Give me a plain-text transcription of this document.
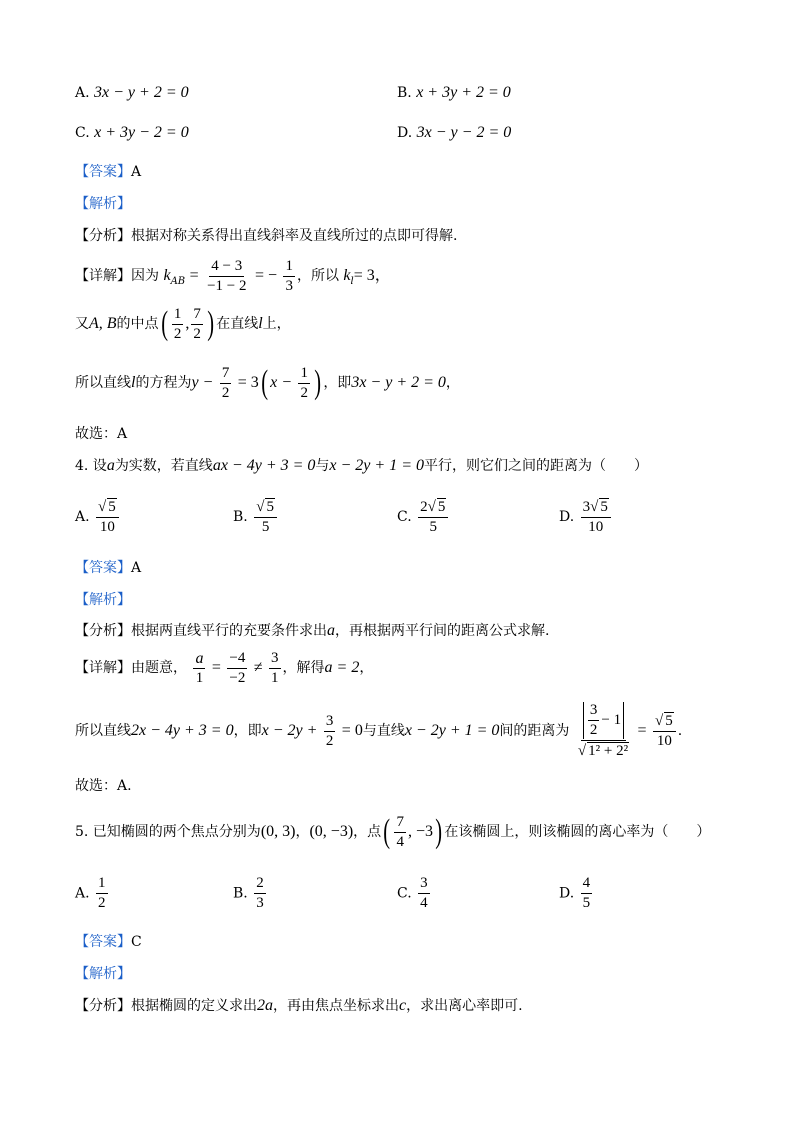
A. 3x − y + 2 = 0	B. x + 3y + 2 = 0
C. x + 3y − 2 = 0	D. 3x − y − 2 = 0
【答案】A
【解析】
【分析】根据对称关系得出直线斜率及直线所过的点即可得解.
【详解】因为 $k_{AB} = \frac{4 - 3}{-1 - 2}$ = − $\frac{1}{3}$ ，所以 $k_l= 3$，
又A, B的中点( $\frac{1}{2}$ , $\frac{7}{2}$ ) 在直线l上，
所以直线l的方程为$y - \frac{7}{2} = 3$( $x - \frac{1}{2}$ ) ，即3x − y + 2 = 0，
故选：A
4. 设a为实数，若直线ax − 4y + 3 = 0与x − 2y + 1 = 0平行，则它们之间的距离为（　　）
A. $\frac{√ 5}{10}$	B. $\frac{√ 5}{5}$	C. $\frac{2√ 5}{5}$	D. $\frac{3√ 5}{10}$
【答案】A
【解析】
【分析】根据两直线平行的充要条件求出a，再根据两平行间的距离公式求解.
【详解】由题意， $\frac{a}{1} = \frac{-4}{-2} \ne \frac{3}{1}$ ，解得a = 2，
所以直线2x − 4y + 3 = 0，即$x - 2y + \frac{3}{2} = 0$与直线x − 2y + 1 = 0间的距离为 $\frac{\frac{3}{2} - 1}{\text{√ 1² + 2²}} = \frac{√ 5}{10}$ .
故选：A.
5. 已知椭圆的两个焦点分别为(0, 3)，(0, −3)，点( $\frac{7}{4}$ , −3) 在该椭圆上，则该椭圆的离心率为（　　）
A. $\frac{1}{2}$	B. $\frac{2}{3}$	C. $\frac{3}{4}$	D. $\frac{4}{5}$
【答案】C
【解析】
【分析】根据椭圆的定义求出2a，再由焦点坐标求出c，求出离心率即可.
